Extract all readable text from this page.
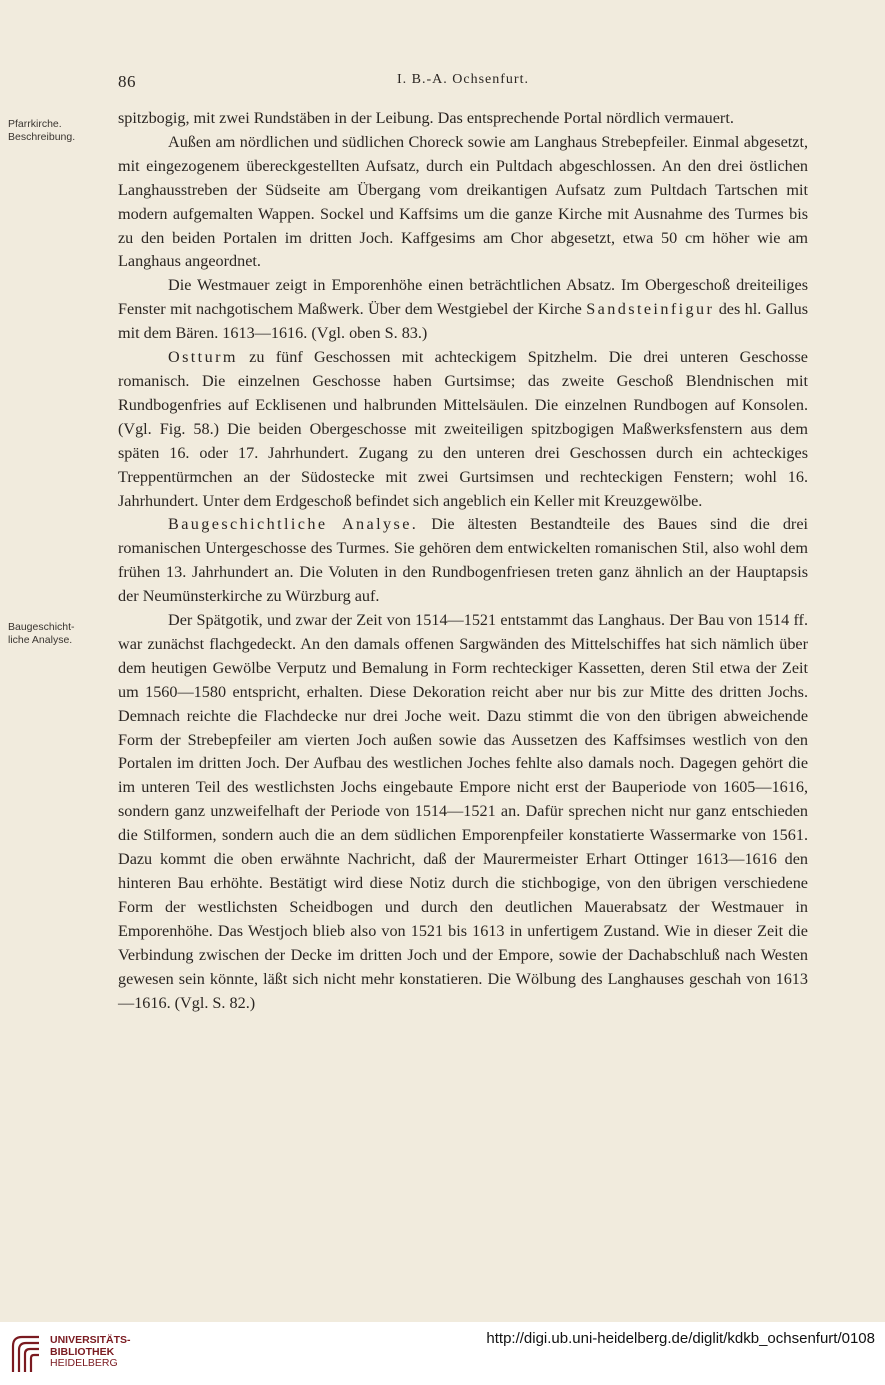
86	I. B.-A. Ochsenfurt.
Pfarrkirche.
Beschreibung.
Baugeschicht-
liche Analyse.

spitzbogig, mit zwei Rundstäben in der Leibung. Das entsprechende Portal nördlich vermauert.

Außen am nördlichen und südlichen Choreck sowie am Langhaus Strebepfeiler. Einmal abgesetzt, mit eingezogenem übereckgestellten Aufsatz, durch ein Pultdach abgeschlossen. An den drei östlichen Langhausstreben der Südseite am Übergang vom dreikantigen Aufsatz zum Pultdach Tartschen mit modern aufgemalten Wappen. Sockel und Kaffsims um die ganze Kirche mit Ausnahme des Turmes bis zu den beiden Portalen im dritten Joch. Kaffgesims am Chor abgesetzt, etwa 50 cm höher wie am Langhaus angeordnet.

Die Westmauer zeigt in Emporenhöhe einen beträchtlichen Absatz. Im Obergeschoß dreiteiliges Fenster mit nachgotischem Maßwerk. Über dem Westgiebel der Kirche Sandsteinfigur des hl. Gallus mit dem Bären. 1613—1616. (Vgl. oben S. 83.)

Ostturm zu fünf Geschossen mit achteckigem Spitzhelm. Die drei unteren Geschosse romanisch. Die einzelnen Geschosse haben Gurtsimse; das zweite Geschoß Blendnischen mit Rundbogenfries auf Ecklisenen und halbrunden Mittelsäulen. Die einzelnen Rundbogen auf Konsolen. (Vgl. Fig. 58.) Die beiden Obergeschosse mit zweiteiligen spitzbogigen Maßwerksfenstern aus dem späten 16. oder 17. Jahrhundert. Zugang zu den unteren drei Geschossen durch ein achteckiges Treppentürmchen an der Südostecke mit zwei Gurtsimsen und rechteckigen Fenstern; wohl 16. Jahrhundert. Unter dem Erdgeschoß befindet sich angeblich ein Keller mit Kreuzgewölbe.

Baugeschichtliche Analyse. Die ältesten Bestandteile des Baues sind die drei romanischen Untergeschosse des Turmes. Sie gehören dem entwickelten romanischen Stil, also wohl dem frühen 13. Jahrhundert an. Die Voluten in den Rundbogenfriesen treten ganz ähnlich an der Hauptapsis der Neumünsterkirche zu Würzburg auf.

Der Spätgotik, und zwar der Zeit von 1514—1521 entstammt das Langhaus. Der Bau von 1514 ff. war zunächst flachgedeckt. An den damals offenen Sargwänden des Mittelschiffes hat sich nämlich über dem heutigen Gewölbe Verputz und Bemalung in Form rechteckiger Kassetten, deren Stil etwa der Zeit um 1560—1580 entspricht, erhalten. Diese Dekoration reicht aber nur bis zur Mitte des dritten Jochs. Demnach reichte die Flachdecke nur drei Joche weit. Dazu stimmt die von den übrigen abweichende Form der Strebepfeiler am vierten Joch außen sowie das Aussetzen des Kaffsimses westlich von den Portalen im dritten Joch. Der Aufbau des westlichen Joches fehlte also damals noch. Dagegen gehört die im unteren Teil des westlichsten Jochs eingebaute Empore nicht erst der Bauperiode von 1605—1616, sondern ganz unzweifelhaft der Periode von 1514—1521 an. Dafür sprechen nicht nur ganz entschieden die Stilformen, sondern auch die an dem südlichen Emporenpfeiler konstatierte Wassermarke von 1561. Dazu kommt die oben erwähnte Nachricht, daß der Maurermeister Erhart Ottinger 1613—1616 den hinteren Bau erhöhte. Bestätigt wird diese Notiz durch die stichbogige, von den übrigen verschiedene Form der westlichsten Scheidbogen und durch den deutlichen Mauerabsatz der Westmauer in Emporenhöhe. Das Westjoch blieb also von 1521 bis 1613 in unfertigem Zustand. Wie in dieser Zeit die Verbindung zwischen der Decke im dritten Joch und der Empore, sowie der Dachabschluß nach Westen gewesen sein könnte, läßt sich nicht mehr konstatieren. Die Wölbung des Langhauses geschah von 1613—1616. (Vgl. S. 82.)

UNIVERSITÄTS-
BIBLIOTHEK
HEIDELBERG
http://digi.ub.uni-heidelberg.de/diglit/kdkb_ochsenfurt/0108
